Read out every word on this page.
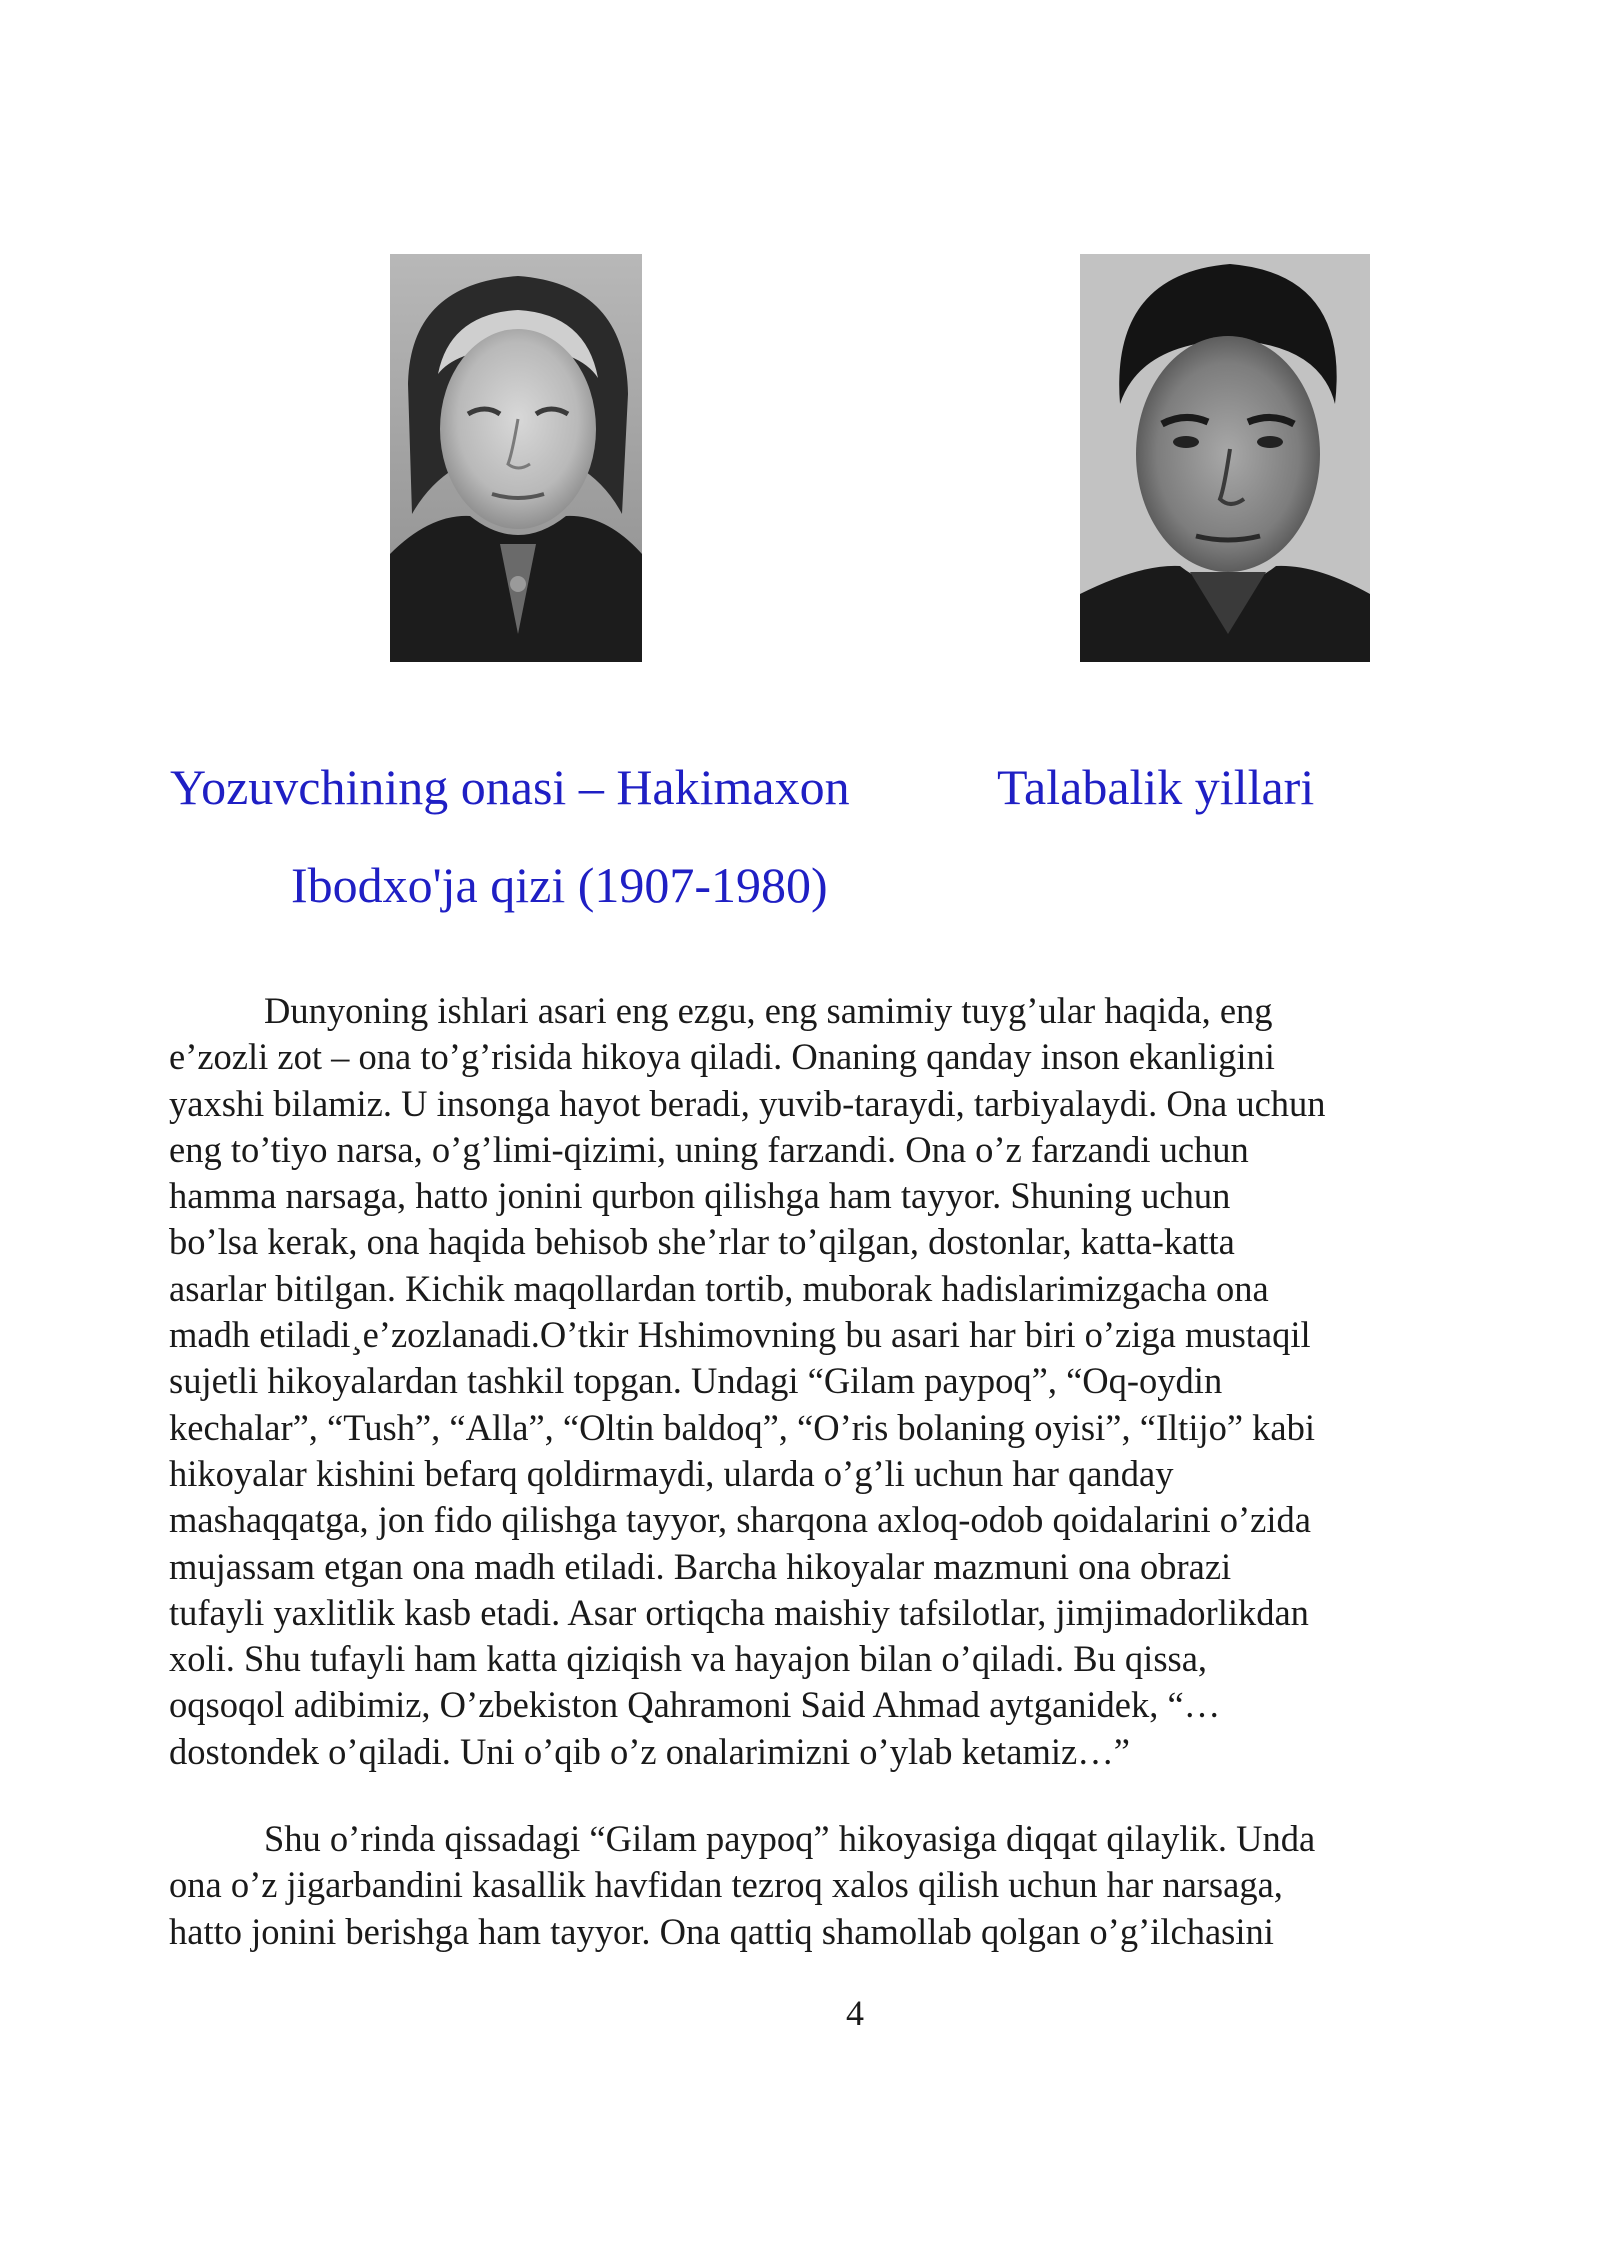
Yozuvchining onasi – Hakimaxon
Ibodxo'ja qizi (1907-1980)
Talabalik yillari
Dunyoning ishlari asari eng ezgu, eng samimiy tuyg’ular haqida, eng
e’zozli zot – ona to’g’risida hikoya qiladi. Onaning qanday inson ekanligini
yaxshi bilamiz. U insonga hayot beradi, yuvib-taraydi, tarbiyalaydi. Ona uchun
eng to’tiyo narsa, o’g’limi-qizimi, uning farzandi. Ona o’z farzandi uchun
hamma narsaga, hatto jonini qurbon qilishga ham tayyor. Shuning uchun
bo’lsa kerak, ona haqida behisob she’rlar to’qilgan, dostonlar, katta-katta
asarlar bitilgan. Kichik maqollardan tortib, muborak hadislarimizgacha ona
madh etiladi¸e’zozlanadi.O’tkir Hshimovning bu asari har biri o’ziga mustaqil
sujetli hikoyalardan tashkil topgan. Undagi “Gilam paypoq”, “Oq-oydin
kechalar”, “Tush”, “Alla”, “Oltin baldoq”, “O’ris bolaning oyisi”, “Iltijo” kabi
hikoyalar kishini befarq qoldirmaydi, ularda o’g’li uchun har qanday
mashaqqatga, jon fido qilishga tayyor, sharqona axloq-odob qoidalarini o’zida
mujassam etgan ona madh etiladi. Barcha hikoyalar mazmuni ona obrazi
tufayli yaxlitlik kasb etadi. Asar ortiqcha maishiy tafsilotlar, jimjimadorlikdan
xoli. Shu tufayli ham katta qiziqish va hayajon bilan o’qiladi. Bu qissa,
oqsoqol adibimiz, O’zbekiston Qahramoni Said Ahmad aytganidek, “…
dostondek o’qiladi. Uni o’qib o’z onalarimizni o’ylab ketamiz…”
Shu o’rinda qissadagi “Gilam paypoq” hikoyasiga diqqat qilaylik. Unda
ona o’z jigarbandini kasallik havfidan tezroq xalos qilish uchun har narsaga,
hatto jonini berishga ham tayyor. Ona qattiq shamollab qolgan o’g’ilchasini
4
